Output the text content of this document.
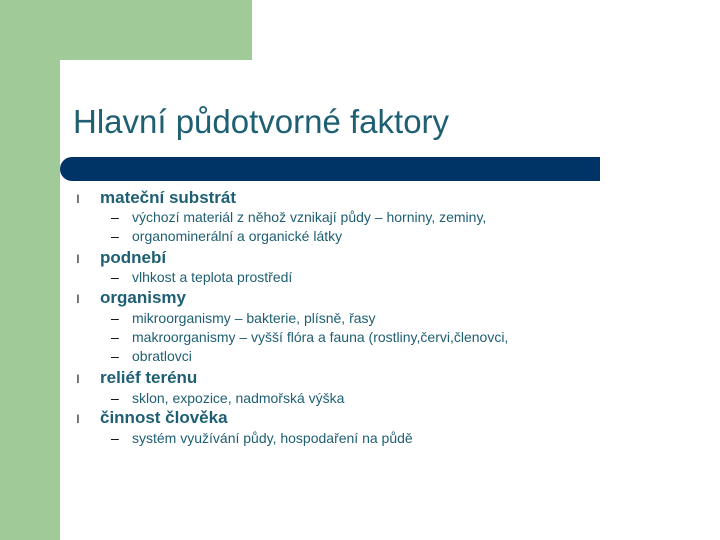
Hlavní půdotvorné faktory
l mateční substrát
– výchozí materiál z něhož vznikají půdy – horniny, zeminy,
– organominerální a organické látky
l podnebí
– vlhkost a teplota prostředí
l organismy
– mikroorganismy – bakterie, plísně, řasy
– makroorganismy – vyšší flóra a fauna (rostliny,červi,členovci,
– obratlovci
l reliéf terénu
– sklon, expozice, nadmořská výška
l činnost člověka
– systém využívání půdy, hospodaření na půdě
